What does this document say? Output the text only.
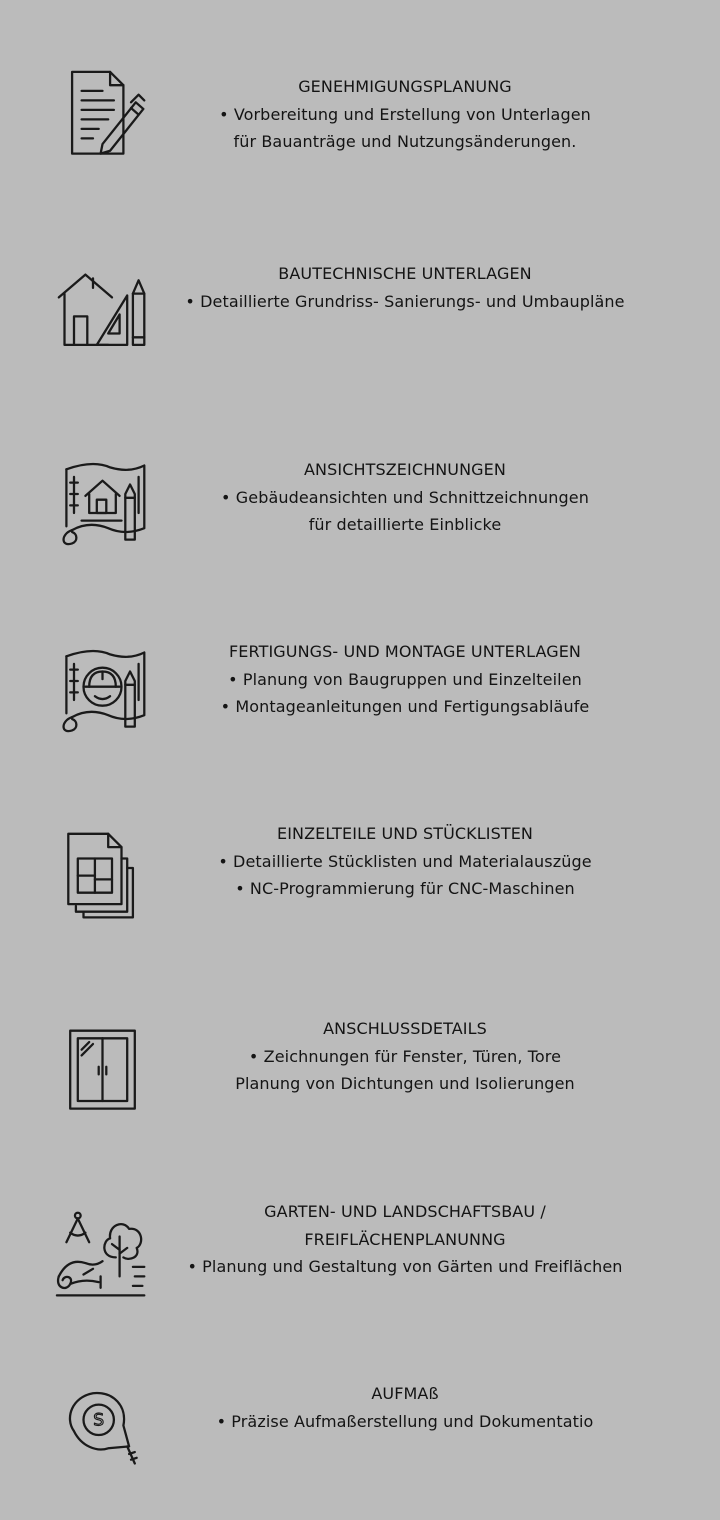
GENEHMIGUNGSPLANUNG
• Vorbereitung und Erstellung von Unterlagen
für Bauanträge und Nutzungsänderungen.
BAUTECHNISCHE UNTERLAGEN
• Detaillierte Grundriss- Sanierungs- und Umbaupläne
ANSICHTSZEICHNUNGEN
• Gebäudeansichten und Schnittzeichnungen
für detaillierte Einblicke
FERTIGUNGS- UND MONTAGE UNTERLAGEN
• Planung von Baugruppen und Einzelteilen
• Montageanleitungen und Fertigungsabläufe
EINZELTEILE UND STÜCKLISTEN
• Detaillierte Stücklisten und Materialauszüge
• NC-Programmierung für CNC-Maschinen
ANSCHLUSSDETAILS
• Zeichnungen für Fenster, Türen, Tore
Planung von Dichtungen und Isolierungen
GARTEN- UND LANDSCHAFTSBAU /
FREIFLÄCHENPLANUNNG
• Planung und Gestaltung von Gärten und Freiflächen
S
AUFMAß
• Präzise Aufmaßerstellung und Dokumentatio
